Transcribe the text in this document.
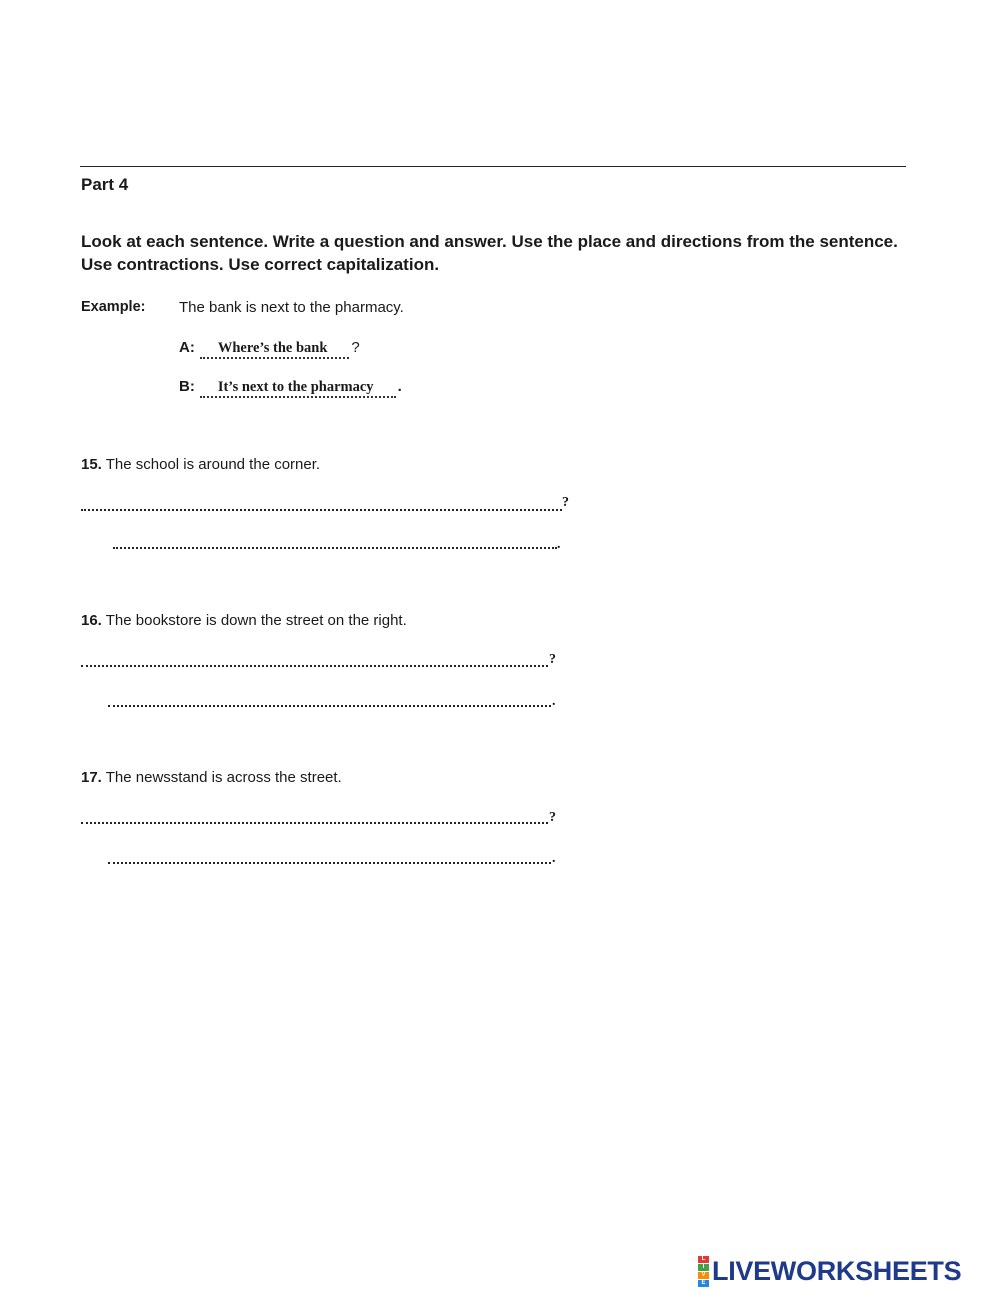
Part 4
Look at each sentence. Write a question and answer. Use the place and directions from the sentence. Use contractions. Use correct capitalization.
Example: The bank is next to the pharmacy.
A: Where’s the bank ?
B: It’s next to the pharmacy .
15. The school is around the corner.
?
.
16. The bookstore is down the street on the right.
?
.
17. The newsstand is across the street.
?
.
L
I
V
E LIVEWORKSHEETS
